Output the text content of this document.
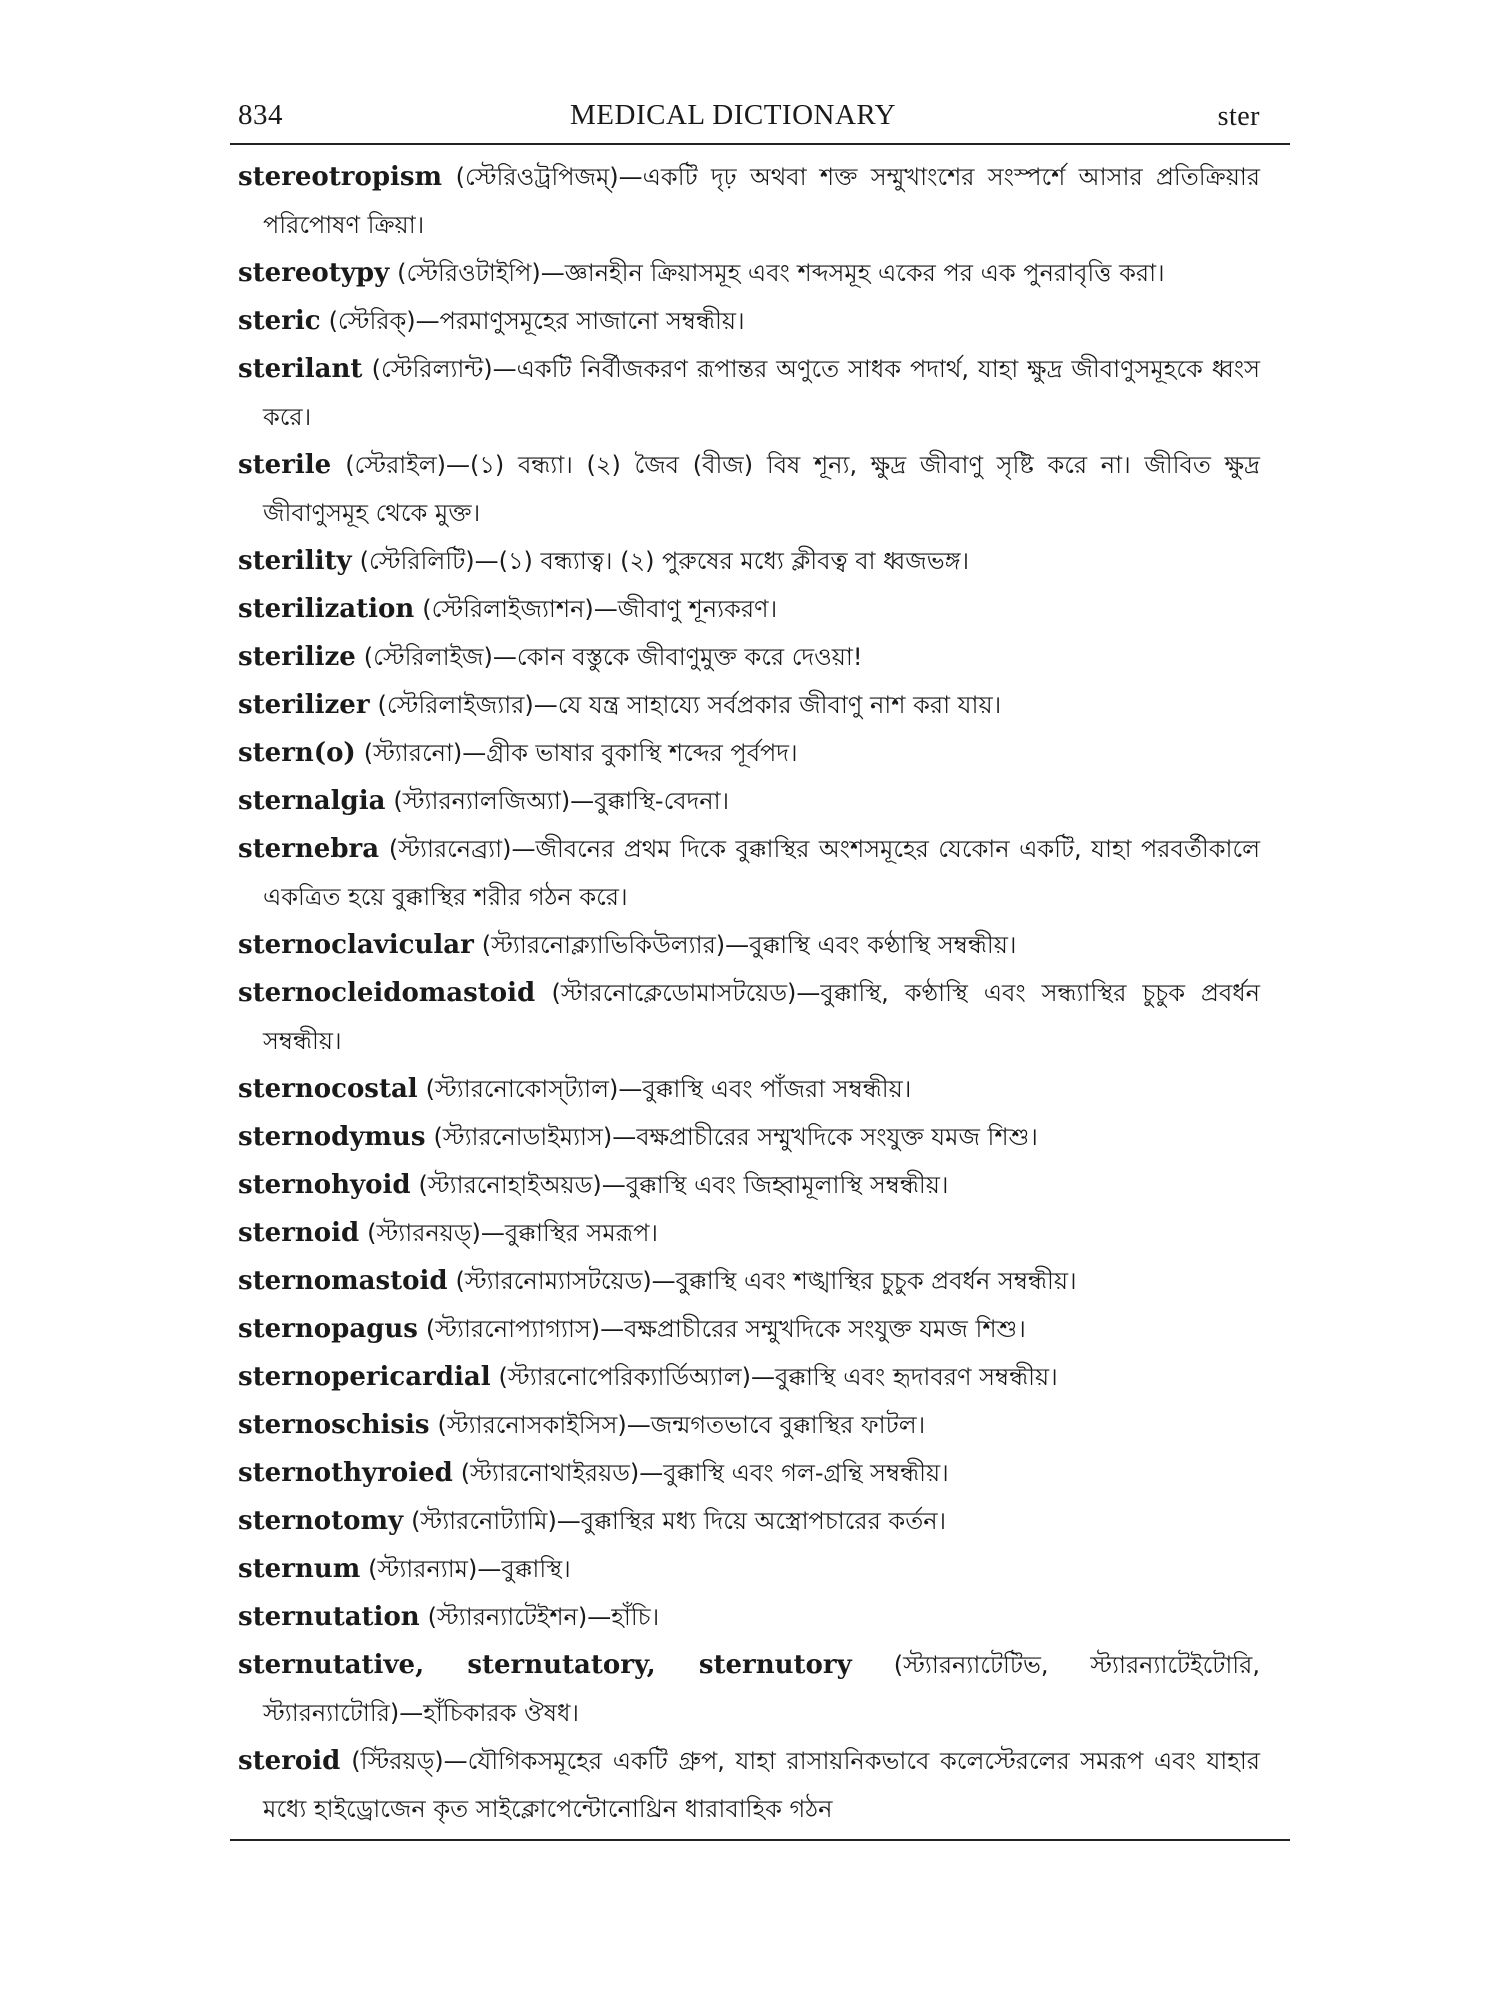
834	MEDICAL DICTIONARY	ster
stereotropism (স্টেরিওট্রপিজম্)—একটি দৃঢ় অথবা শক্ত সম্মুখাংশের সংস্পর্শে আসার প্রতিক্রিয়ার পরিপোষণ ক্রিয়া।
stereotypy (স্টেরিওটাইপি)—জ্ঞানহীন ক্রিয়াসমূহ এবং শব্দসমূহ একের পর এক পুনরাবৃত্তি করা।
steric (স্টেরিক্)—পরমাণুসমূহের সাজানো সম্বন্ধীয়।
sterilant (স্টেরিল্যান্ট)—একটি নির্বীজকরণ রূপান্তর অণুতে সাধক পদার্থ, যাহা ক্ষুদ্র জীবাণুসমূহকে ধ্বংস করে।
sterile (স্টেরাইল)—(১) বন্ধ্যা। (২) জৈব (বীজ) বিষ শূন্য, ক্ষুদ্র জীবাণু সৃষ্টি করে না। জীবিত ক্ষুদ্র জীবাণুসমূহ থেকে মুক্ত।
sterility (স্টেরিলিটি)—(১) বন্ধ্যাত্ব। (২) পুরুষের মধ্যে ক্লীবত্ব বা ধ্বজভঙ্গ।
sterilization (স্টেরিলাইজ্যাশন)—জীবাণু শূন্যকরণ।
sterilize (স্টেরিলাইজ)—কোন বস্তুকে জীবাণুমুক্ত করে দেওয়া!
sterilizer (স্টেরিলাইজ্যার)—যে যন্ত্র সাহায্যে সর্বপ্রকার জীবাণু নাশ করা যায়।
stern(o) (স্ট্যারনো)—গ্রীক ভাষার বুকাস্থি শব্দের পূর্বপদ।
sternalgia (স্ট্যারন্যালজিঅ্যা)—বুক্কাস্থি-বেদনা।
sternebra (স্ট্যারনেব্র্যা)—জীবনের প্রথম দিকে বুক্কাস্থির অংশসমূহের যেকোন একটি, যাহা পরবর্তীকালে একত্রিত হয়ে বুক্কাস্থির শরীর গঠন করে।
sternoclavicular (স্ট্যারনোক্ল্যাভিকিউল্যার)—বুক্কাস্থি এবং কণ্ঠাস্থি সম্বন্ধীয়।
sternocleidomastoid (স্টারনোক্লেডোমাসটয়েড)—বুক্কাস্থি, কণ্ঠাস্থি এবং সন্ধ্যাস্থির চুচুক প্রবর্ধন সম্বন্ধীয়।
sternocostal (স্ট্যারনোকোস্‌ট্যাল)—বুক্কাস্থি এবং পাঁজরা সম্বন্ধীয়।
sternodymus (স্ট্যারনোডাইম্যাস)—বক্ষপ্রাচীরের সম্মুখদিকে সংযুক্ত যমজ শিশু।
sternohyoid (স্ট্যারনোহাইঅয়ড)—বুক্কাস্থি এবং জিহ্বামূলাস্থি সম্বন্ধীয়।
sternoid (স্ট্যারনয়ড্)—বুক্কাস্থির সমরূপ।
sternomastoid (স্ট্যারনোম্যাসটয়েড)—বুক্কাস্থি এবং শঙ্খাস্থির চুচুক প্রবর্ধন সম্বন্ধীয়।
sternopagus (স্ট্যারনোপ্যাগ্যাস)—বক্ষপ্রাচীরের সম্মুখদিকে সংযুক্ত যমজ শিশু।
sternopericardial (স্ট্যারনোপেরিক্যার্ডিঅ্যাল)—বুক্কাস্থি এবং হৃদাবরণ সম্বন্ধীয়।
sternoschisis (স্ট্যারনোসকাইসিস)—জন্মগতভাবে বুক্কাস্থির ফাটল।
sternothyroied (স্ট্যারনোথাইরয়ড)—বুক্কাস্থি এবং গল-গ্রন্থি সম্বন্ধীয়।
sternotomy (স্ট্যারনোট্যামি)—বুক্কাস্থির মধ্য দিয়ে অস্ত্রোপচারের কর্তন।
sternum (স্ট্যারন্যাম)—বুক্কাস্থি।
sternutation (স্ট্যারন্যাটেইশন)—হাঁচি।
sternutative, sternutatory, sternutory (স্ট্যারন্যাটেটিভ, স্ট্যারন্যাটেইটোরি, স্ট্যারন্যাটোরি)—হাঁচিকারক ঔষধ।
steroid (স্টিরয়ড্)—যৌগিকসমূহের একটি গ্রুপ, যাহা রাসায়নিকভাবে কলেস্টেরলের সমরূপ এবং যাহার মধ্যে হাইড্রোজেন কৃত সাইক্লোপেন্টোনোথ্রিন ধারাবাহিক গঠন
